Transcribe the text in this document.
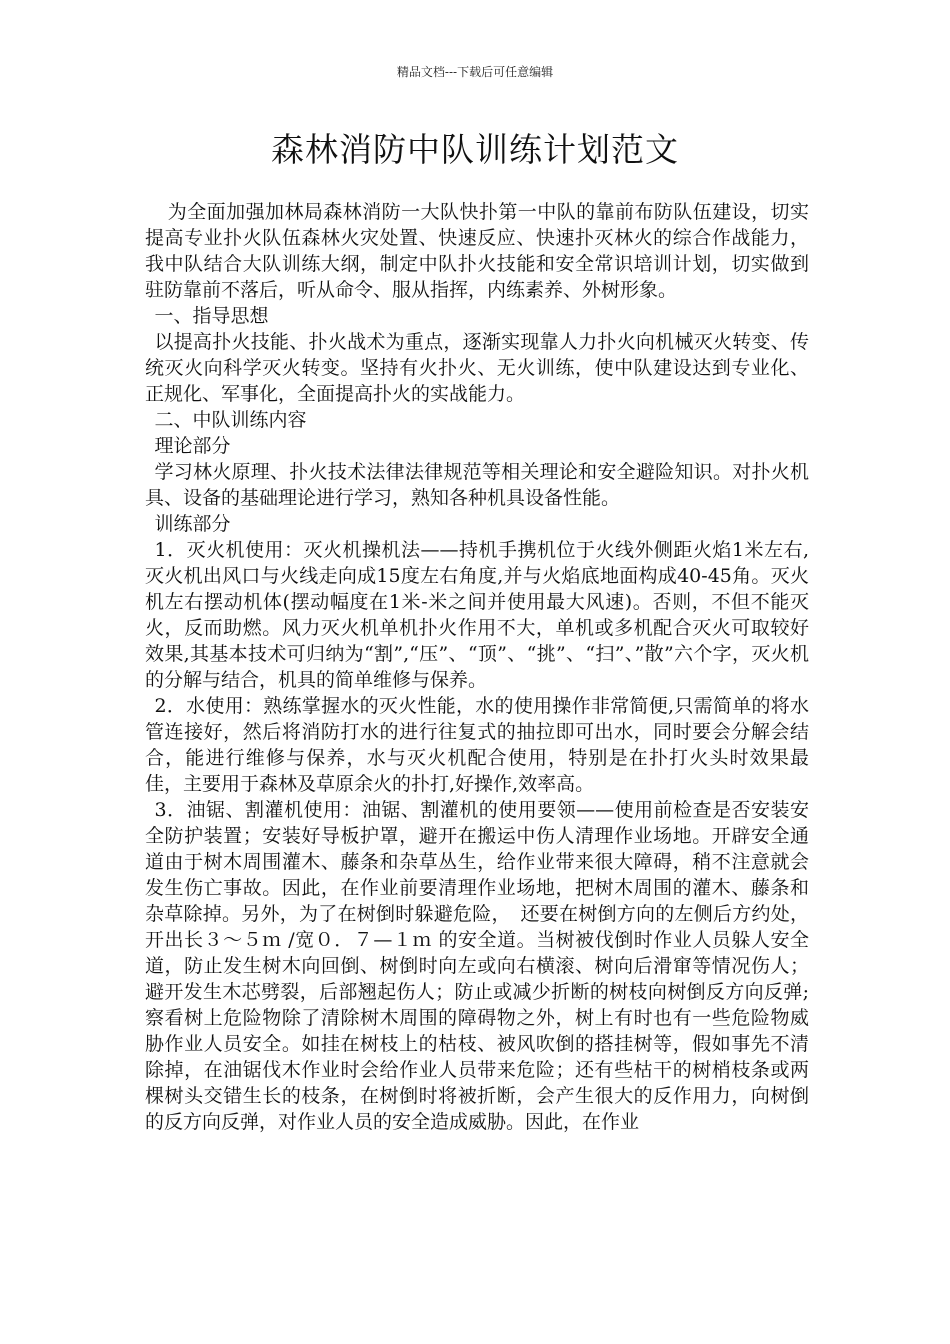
精品文档---下载后可任意编辑
森林消防中队训练计划范文

为全面加强加林局森林消防一大队快扑第一中队的靠前布防队伍建设，切实提高专业扑火队伍森林火灾处置、快速反应、快速扑灭林火的综合作战能力，我中队结合大队训练大纲，制定中队扑火技能和安全常识培训计划，切实做到驻防靠前不落后，听从命令、服从指挥，内练素养、外树形象。

一、指导思想

以提高扑火技能、扑火战术为重点，逐渐实现靠人力扑火向机械灭火转变、传统灭火向科学灭火转变。坚持有火扑火、无火训练，使中队建设达到专业化、正规化、军事化，全面提高扑火的实战能力。

二、中队训练内容

理论部分

学习林火原理、扑火技术法律法律规范等相关理论和安全避险知识。对扑火机具、设备的基础理论进行学习，熟知各种机具设备性能。

训练部分

1．灭火机使用：灭火机操机法——持机手携机位于火线外侧距火焰1米左右,灭火机出风口与火线走向成15度左右角度,并与火焰底地面构成40-45角。灭火机左右摆动机体(摆动幅度在1米-米之间并使用最大风速)。否则，不但不能灭火，反而助燃。风力灭火机单机扑火作用不大，单机或多机配合灭火可取较好效果,其基本技术可归纳为“割”,“压”、“顶”、“挑”、“扫”、”散”六个字，灭火机的分解与结合，机具的简单维修与保养。

2．水使用：熟练掌握水的灭火性能，水的使用操作非常简便,只需简单的将水管连接好，然后将消防打水的进行往复式的抽拉即可出水，同时要会分解会结合，能进行维修与保养，水与灭火机配合使用，特别是在扑打火头时效果最佳，主要用于森林及草原余火的扑打,好操作,效率高。

3．油锯、割灌机使用：油锯、割灌机的使用要领——使用前检查是否安装安全防护装置；安装好导板护罩，避开在搬运中伤人清理作业场地。开辟安全通道由于树木周围灌木、藤条和杂草丛生，给作业带来很大障碍，稍不注意就会发生伤亡事故。因此，在作业前要清理作业场地，把树木周围的灌木、藤条和杂草除掉。另外，为了在树倒时躲避危险，　还要在树倒方向的左侧后方约处，开出长３～５ｍ /宽０．７—１ｍ 的安全道。当树被伐倒时作业人员躲人安全道，防止发生树木向回倒、树倒时向左或向右横滚、树向后滑窜等情况伤人；避开发生木芯劈裂，后部翘起伤人；防止或减少折断的树枝向树倒反方向反弹;察看树上危险物除了清除树木周围的障碍物之外，树上有时也有一些危险物威胁作业人员安全。如挂在树枝上的枯枝、被风吹倒的搭挂树等，假如事先不清除掉，在油锯伐木作业时会给作业人员带来危险；还有些枯干的树梢枝条或两棵树头交错生长的枝条，在树倒时将被折断，会产生很大的反作用力，向树倒的反方向反弹，对作业人员的安全造成威胁。因此，在作业
